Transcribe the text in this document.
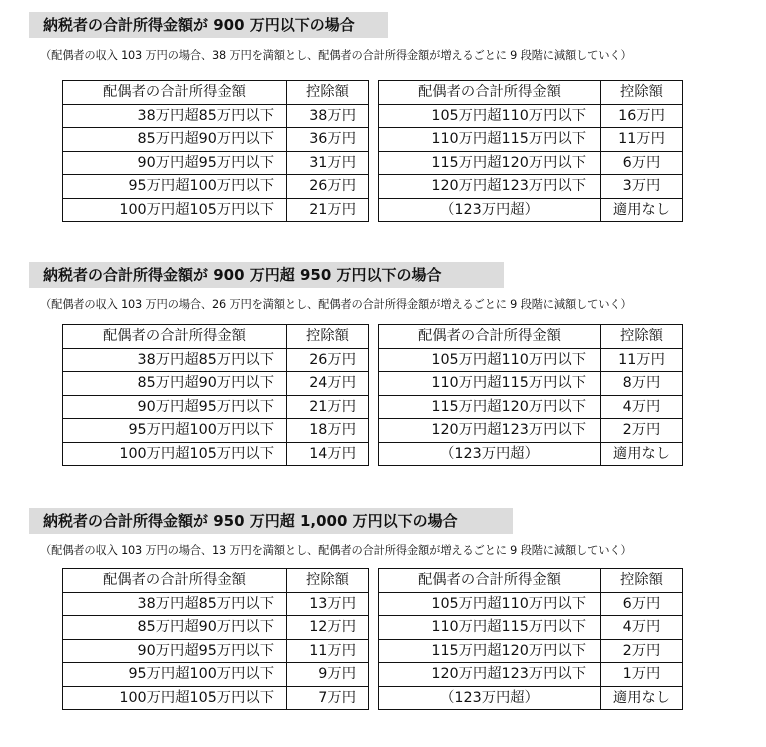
納税者の合計所得金額が 900 万円以下の場合
（配偶者の収入 103 万円の場合、38 万円を満額とし、配偶者の合計所得金額が増えるごとに 9 段階に減額していく）
配偶者の合計所得金額	控除額
38万円超85万円以下	38万円
85万円超90万円以下	36万円
90万円超95万円以下	31万円
95万円超100万円以下	26万円
100万円超105万円以下	21万円
配偶者の合計所得金額	控除額
105万円超110万円以下	16万円
110万円超115万円以下	11万円
115万円超120万円以下	6万円
120万円超123万円以下	3万円
（123万円超）	適用なし
納税者の合計所得金額が 900 万円超 950 万円以下の場合
（配偶者の収入 103 万円の場合、26 万円を満額とし、配偶者の合計所得金額が増えるごとに 9 段階に減額していく）
配偶者の合計所得金額	控除額
38万円超85万円以下	26万円
85万円超90万円以下	24万円
90万円超95万円以下	21万円
95万円超100万円以下	18万円
100万円超105万円以下	14万円
配偶者の合計所得金額	控除額
105万円超110万円以下	11万円
110万円超115万円以下	8万円
115万円超120万円以下	4万円
120万円超123万円以下	2万円
（123万円超）	適用なし
納税者の合計所得金額が 950 万円超 1,000 万円以下の場合
（配偶者の収入 103 万円の場合、13 万円を満額とし、配偶者の合計所得金額が増えるごとに 9 段階に減額していく）
配偶者の合計所得金額	控除額
38万円超85万円以下	13万円
85万円超90万円以下	12万円
90万円超95万円以下	11万円
95万円超100万円以下	9万円
100万円超105万円以下	7万円
配偶者の合計所得金額	控除額
105万円超110万円以下	6万円
110万円超115万円以下	4万円
115万円超120万円以下	2万円
120万円超123万円以下	1万円
（123万円超）	適用なし
